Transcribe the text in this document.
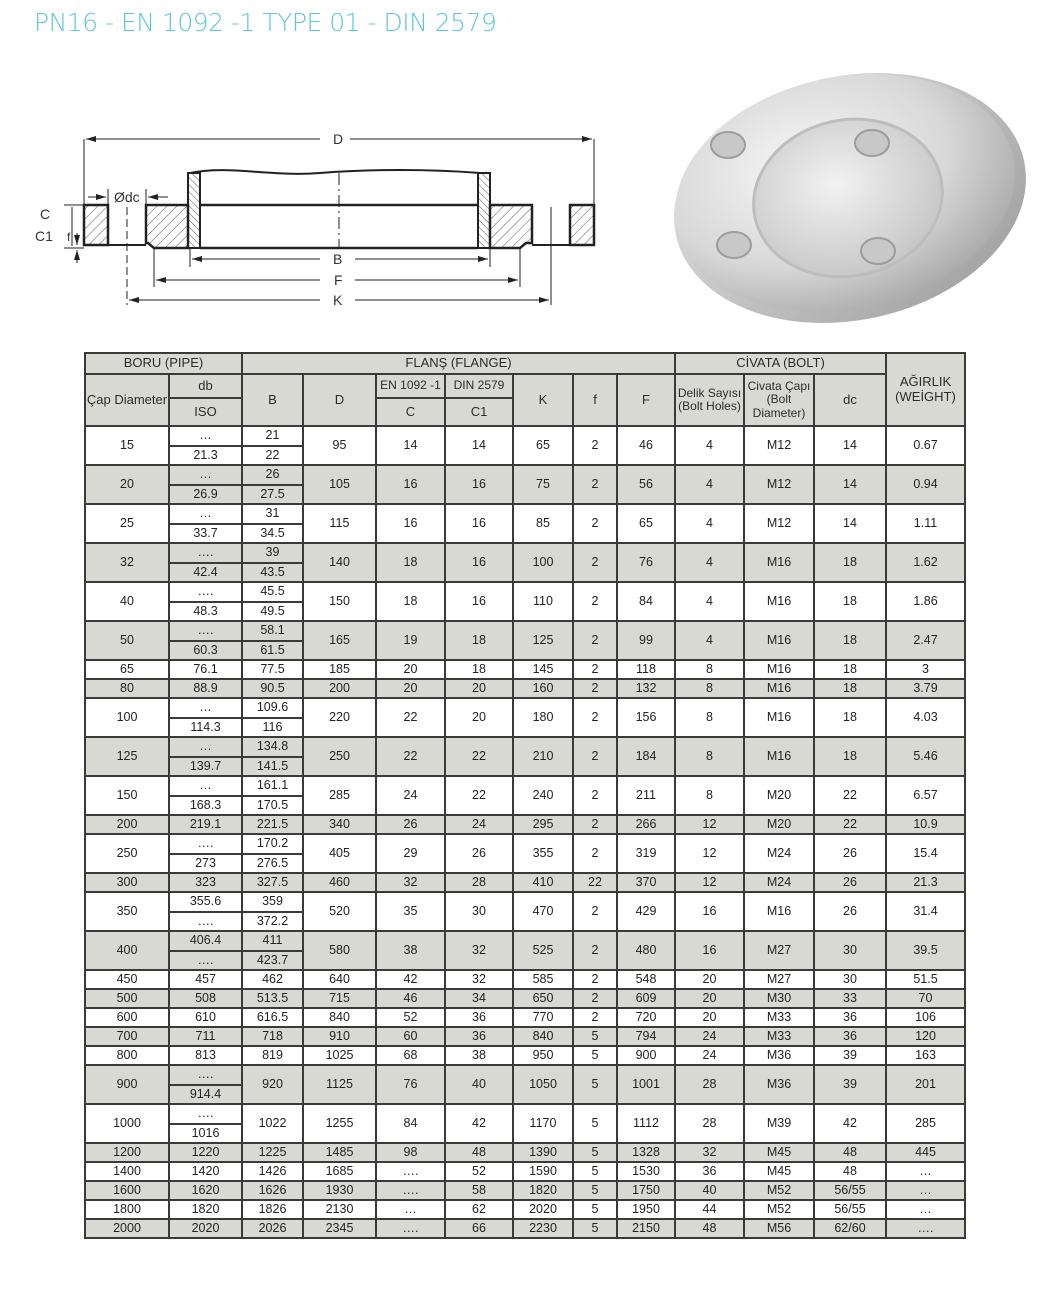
PN16 - EN 1092 -1 TYPE 01 - DIN 2579
D
B
F
K
Ødc
C
C1 f
BORU (PIPE)		FLANŞ (FLANGE)							CİVATA (BOLT)			AĞIRLIK (WEİGHT)
Çap Diameter	db	B	D	EN 1092 -1	DIN 2579	K	f	F	Delik Sayısı (Bolt Holes)	Civata Çapı (Bolt Diameter)	dc	
	ISO			C	C1							
15	…	21	95	14	14	65	2	46	4	M12	14	0.67
	21.3	22										
20	…	26	105	16	16	75	2	56	4	M12	14	0.94
	26.9	27.5										
25	…	31	115	16	16	85	2	65	4	M12	14	1.11
	33.7	34.5										
32	….	39	140	18	16	100	2	76	4	M16	18	1.62
	42.4	43.5										
40	….	45.5	150	18	16	110	2	84	4	M16	18	1.86
	48.3	49.5										
50	….	58.1	165	19	18	125	2	99	4	M16	18	2.47
	60.3	61.5										
65	76.1	77.5	185	20	18	145	2	118	8	M16	18	3
80	88.9	90.5	200	20	20	160	2	132	8	M16	18	3.79
100	…	109.6	220	22	20	180	2	156	8	M16	18	4.03
	114.3	116										
125	…	134.8	250	22	22	210	2	184	8	M16	18	5.46
	139.7	141.5										
150	…	161.1	285	24	22	240	2	211	8	M20	22	6.57
	168.3	170.5										
200	219.1	221.5	340	26	24	295	2	266	12	M20	22	10.9
250	….	170.2	405	29	26	355	2	319	12	M24	26	15.4
	273	276.5										
300	323	327.5	460	32	28	410	22	370	12	M24	26	21.3
350	355.6	359	520	35	30	470	2	429	16	M16	26	31.4
	….	372.2										
400	406.4	411	580	38	32	525	2	480	16	M27	30	39.5
	….	423.7										
450	457	462	640	42	32	585	2	548	20	M27	30	51.5
500	508	513.5	715	46	34	650	2	609	20	M30	33	70
600	610	616.5	840	52	36	770	2	720	20	M33	36	106
700	711	718	910	60	36	840	5	794	24	M33	36	120
800	813	819	1025	68	38	950	5	900	24	M36	39	163
900	….	920	1125	76	40	1050	5	1001	28	M36	39	201
	914.4											
1000	….	1022	1255	84	42	1170	5	1112	28	M39	42	285
	1016											
1200	1220	1225	1485	98	48	1390	5	1328	32	M45	48	445
1400	1420	1426	1685	….	52	1590	5	1530	36	M45	48	…
1600	1620	1626	1930	….	58	1820	5	1750	40	M52	56/55	…
1800	1820	1826	2130	…	62	2020	5	1950	44	M52	56/55	…
2000	2020	2026	2345	….	66	2230	5	2150	48	M56	62/60	….
